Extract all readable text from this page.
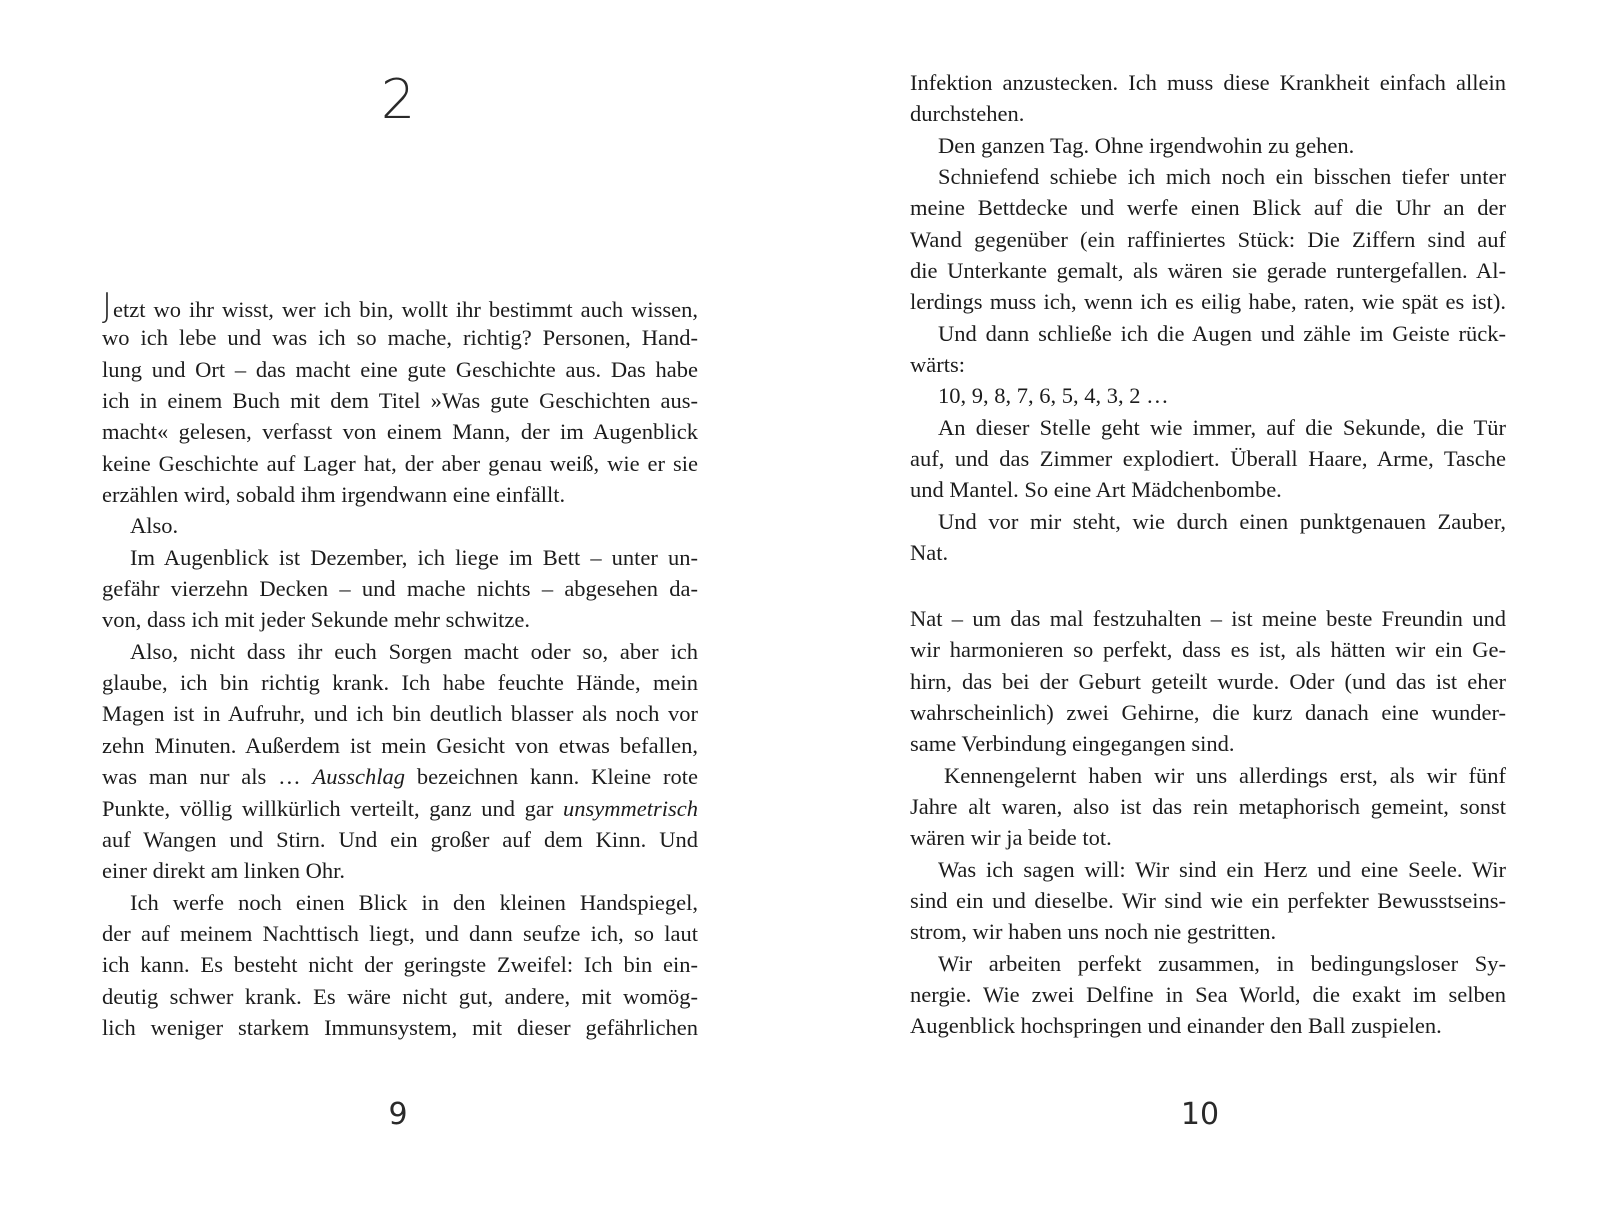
2
Jetzt wo ihr wisst, wer ich bin, wollt ihr bestimmt auch wissen,
wo ich lebe und was ich so mache, richtig? Personen, Hand-
lung und Ort – das macht eine gute Geschichte aus. Das habe
ich in einem Buch mit dem Titel »Was gute Geschichten aus-
macht« gelesen, verfasst von einem Mann, der im Augenblick
keine Geschichte auf Lager hat, der aber genau weiß, wie er sie
erzählen wird, sobald ihm irgendwann eine einfällt.
Also.
Im Augenblick ist Dezember, ich liege im Bett – unter un-
gefähr vierzehn Decken – und mache nichts – abgesehen da-
von, dass ich mit jeder Sekunde mehr schwitze.
Also, nicht dass ihr euch Sorgen macht oder so, aber ich
glaube, ich bin richtig krank. Ich habe feuchte Hände, mein
Magen ist in Aufruhr, und ich bin deutlich blasser als noch vor
zehn Minuten. Außerdem ist mein Gesicht von etwas befallen,
was man nur als … Ausschlag bezeichnen kann. Kleine rote
Punkte, völlig willkürlich verteilt, ganz und gar unsymmetrisch
auf Wangen und Stirn. Und ein großer auf dem Kinn. Und
einer direkt am linken Ohr.
Ich werfe noch einen Blick in den kleinen Handspiegel,
der auf meinem Nachttisch liegt, und dann seufze ich, so laut
ich kann. Es besteht nicht der geringste Zweifel: Ich bin ein-
deutig schwer krank. Es wäre nicht gut, andere, mit womög-
lich weniger starkem Immunsystem, mit dieser gefährlichen
9
Infektion anzustecken. Ich muss diese Krankheit einfach allein
durchstehen.
Den ganzen Tag. Ohne irgendwohin zu gehen.
Schniefend schiebe ich mich noch ein bisschen tiefer unter
meine Bettdecke und werfe einen Blick auf die Uhr an der
Wand gegenüber (ein raffiniertes Stück: Die Ziffern sind auf
die Unterkante gemalt, als wären sie gerade runtergefallen. Al-
lerdings muss ich, wenn ich es eilig habe, raten, wie spät es ist).
Und dann schließe ich die Augen und zähle im Geiste rück-
wärts:
10, 9, 8, 7, 6, 5, 4, 3, 2 …
An dieser Stelle geht wie immer, auf die Sekunde, die Tür
auf, und das Zimmer explodiert. Überall Haare, Arme, Tasche
und Mantel. So eine Art Mädchenbombe.
Und vor mir steht, wie durch einen punktgenauen Zauber,
Nat.
Nat – um das mal festzuhalten – ist meine beste Freundin und
wir harmonieren so perfekt, dass es ist, als hätten wir ein Ge-
hirn, das bei der Geburt geteilt wurde. Oder (und das ist eher
wahrscheinlich) zwei Gehirne, die kurz danach eine wunder-
same Verbindung eingegangen sind.
Kennengelernt haben wir uns allerdings erst, als wir fünf
Jahre alt waren, also ist das rein metaphorisch gemeint, sonst
wären wir ja beide tot.
Was ich sagen will: Wir sind ein Herz und eine Seele. Wir
sind ein und dieselbe. Wir sind wie ein perfekter Bewusstseins-
strom, wir haben uns noch nie gestritten.
Wir arbeiten perfekt zusammen, in bedingungsloser Sy-
nergie. Wie zwei Delfine in Sea World, die exakt im selben
Augenblick hochspringen und einander den Ball zuspielen.
10
